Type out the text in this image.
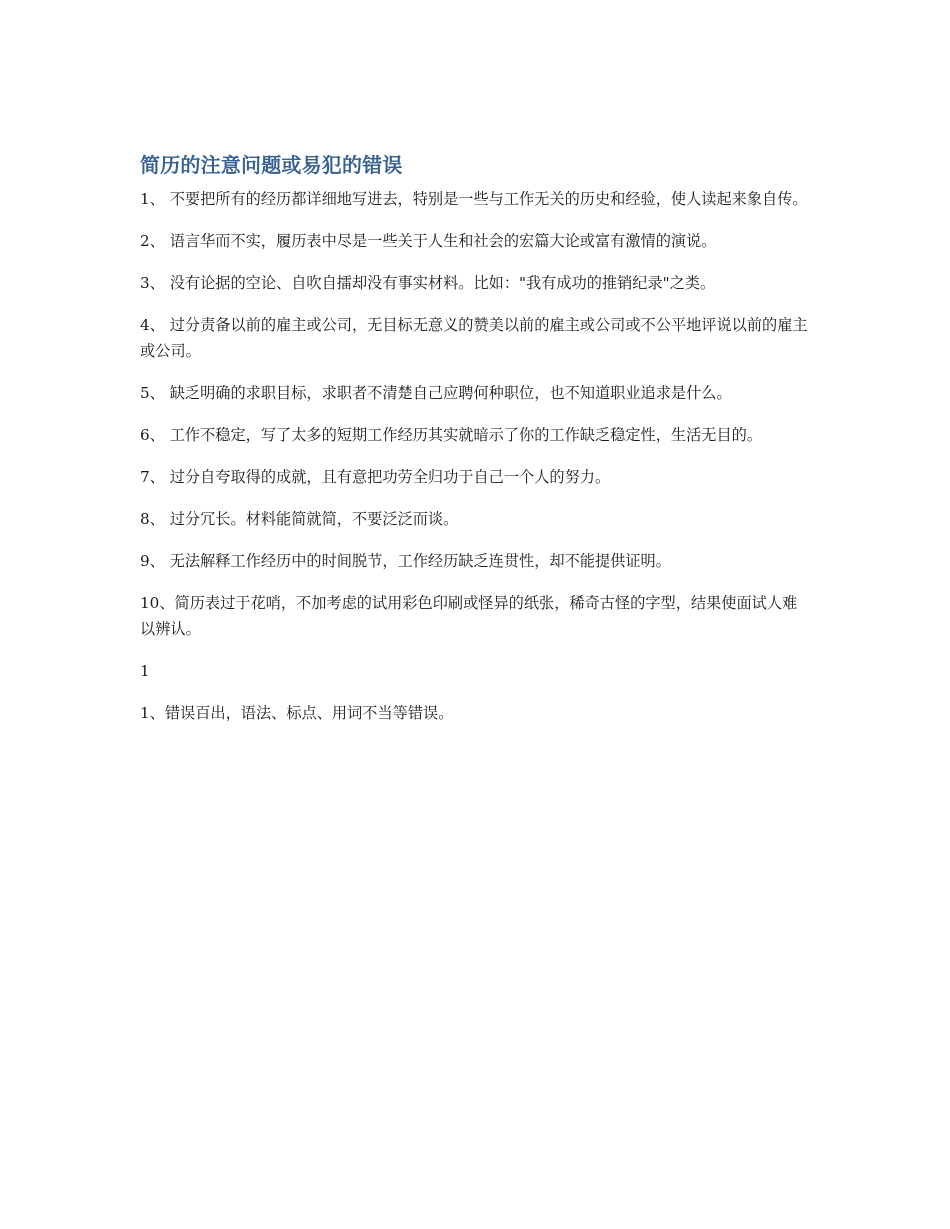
简历的注意问题或易犯的错误

1、 不要把所有的经历都详细地写进去，特别是一些与工作无关的历史和经验，使人读起来象自传。

2、 语言华而不实，履历表中尽是一些关于人生和社会的宏篇大论或富有激情的演说。

3、 没有论据的空论、自吹自擂却没有事实材料。比如："我有成功的推销纪录"之类。

4、 过分责备以前的雇主或公司，无目标无意义的赞美以前的雇主或公司或不公平地评说以前的雇主或公司。

5、 缺乏明确的求职目标，求职者不清楚自己应聘何种职位，也不知道职业追求是什么。

6、 工作不稳定，写了太多的短期工作经历其实就暗示了你的工作缺乏稳定性，生活无目的。

7、 过分自夸取得的成就，且有意把功劳全归功于自己一个人的努力。

8、 过分冗长。材料能简就简，不要泛泛而谈。

9、 无法解释工作经历中的时间脱节，工作经历缺乏连贯性，却不能提供证明。

10、简历表过于花哨，不加考虑的试用彩色印刷或怪异的纸张，稀奇古怪的字型，结果使面试人难以辨认。

1

1、错误百出，语法、标点、用词不当等错误。
